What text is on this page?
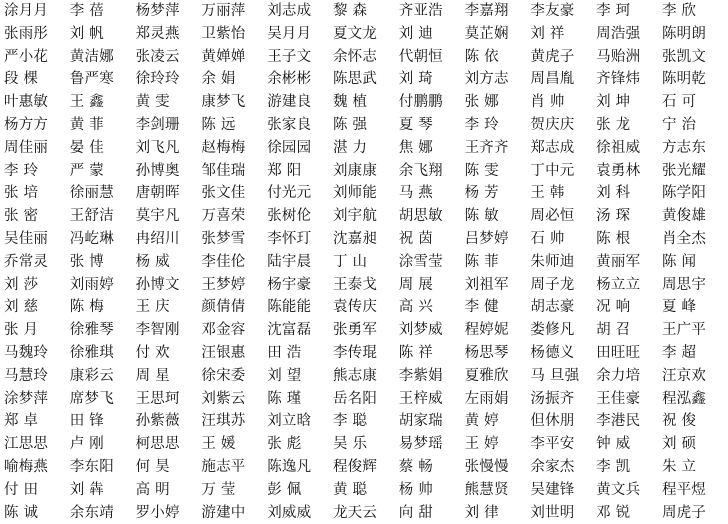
涂月月	李 蓓	杨梦萍	万丽萍	刘志成	黎 森	齐亚浩	李嘉翔	李友豪	李 珂	李 欣
张雨彤	刘 帆	郑灵燕	卫紫怡	吴月月	夏文龙	刘 迪	莫芷娴	刘 祥	周浩强	陈明朗
严小花	黄洁娜	张凌云	黄婵婵	王子文	余怀志	代朝恒	陈 依	黄虎子	马贻洲	张凯文
段 棵	鲁严寒	徐玲玲	余 娟	余彬彬	陈思武	刘 琦	刘方志	周昌胤	齐锋炜	陈明乾
叶惠敏	王 鑫	黄 雯	康梦飞	游建良	魏 植	付鹏鹏	张 娜	肖 帅	刘 坤	石 可
杨方方	黄 菲	李剑珊	陈 远	张家良	陈 强	夏 琴	李 玲	贺庆庆	张 龙	宁 治
周佳丽	晏 佳	刘飞凡	赵梅梅	徐园园	湛 力	焦 娜	王齐齐	郑志成	徐祖威	方志东
李 玲	严 蒙	孙博奥	邹佳瑞	郑 阳	刘康康	余飞翔	陈 雯	丁中元	袁勇林	张光耀
张 培	徐丽慧	唐朝晖	张文佳	付光元	刘师能	马 燕	杨 芳	王 韩	刘 科	陈学阳
张 密	王舒洁	莫宇凡	万喜荣	张树伦	刘宇航	胡思敏	陈 敏	周必恒	汤 琛	黄俊雄
吴佳丽	冯屹琳	冉绍川	张梦雪	李怀玎	沈嘉昶	祝 茵	吕梦婷	石 帅	陈 根	肖全杰
乔常灵	张 博	杨 威	李佳伦	陆宇晨	丁 山	涂雪莹	陈 菲	朱师迪	黄丽军	陈 闻
刘 莎	刘雨婷	孙博文	王梦婷	杨宇豪	王泰戈	周 展	刘祖军	周子龙	杨立立	周思宇
刘 慈	陈 梅	王 庆	颜倩倩	陈能能	袁传庆	高 兴	李 健	胡志豪	况 响	夏 峰
张 月	徐雅琴	李智刚	邓金容	沈富磊	张勇军	刘梦威	程婷妮	娄修凡	胡 召	王广平
马魏玲	徐雅琪	付 欢	汪银惠	田 浩	李传琨	陈 祥	杨思琴	杨德义	田旺旺	李 超
马慧玲	康彩云	周 星	徐宋委	刘 望	熊志康	李紫娟	夏雅欣	马 旦强	余力培	汪京欢
涂梦萍	席梦飞	王思珂	刘紫云	陈 瑾	岳名阳	王梓威	左雨娟	汤振齐	王佳豪	程泓鑫
郑 卓	田 锋	孙紫薇	汪琪苏	刘立晗	李 聪	胡家瑞	黄 婷	但休朋	李港民	祝 俊
江思思	卢 刚	柯思思	王 媛	张 彪	吴 乐	易梦瑶	王 婷	李平安	钟 威	刘 硕
喻梅燕	李东阳	何 昊	施志平	陈逸凡	程俊辉	蔡 畅	张慢慢	余家杰	李 凯	朱 立
付 田	刘 犇	高 明	万 莹	彭 佩	黄 聪	杨 帅	熊慧贤	吴建锋	黄文兵	程平煜
陈 诚	余东靖	罗小婷	游建中	刘威威	龙天云	向 甜	刘 律	刘世明	邓 锐	周虎子
